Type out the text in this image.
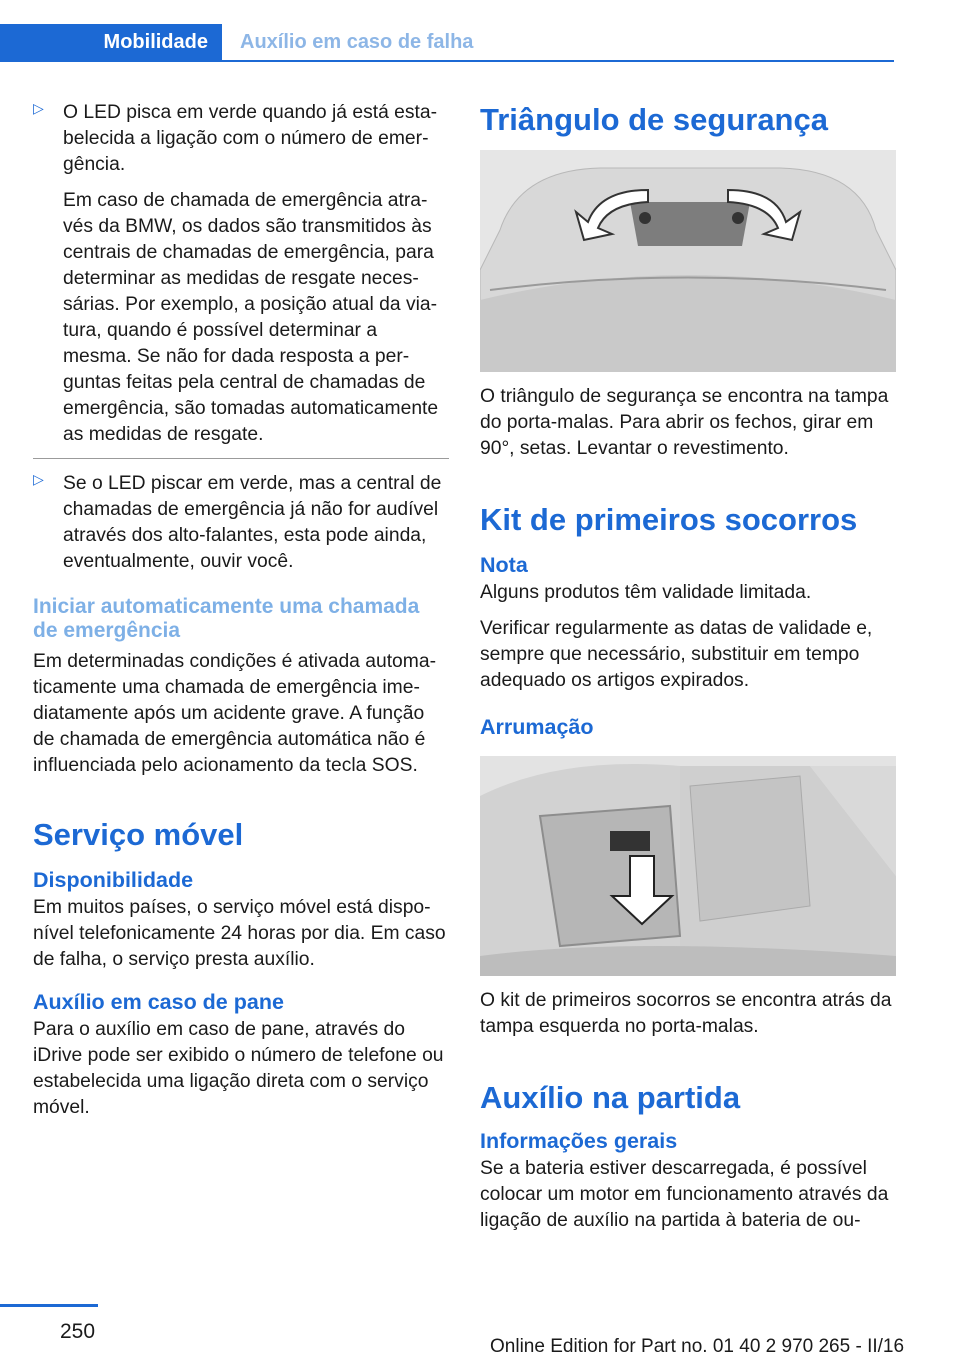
Mobilidade Auxílio em caso de falha
▷ O LED pisca em verde quando já está estabelecida a ligação com o número de emergência.

Em caso de chamada de emergência através da BMW, os dados são transmitidos às centrais de chamadas de emergência, para determinar as medidas de resgate necessárias. Por exemplo, a posição atual da viatura, quando é possível determinar a mesma. Se não for dada resposta a perguntas feitas pela central de chamadas de emergência, são tomadas automaticamente as medidas de resgate.

▷ Se o LED piscar em verde, mas a central de chamadas de emergência já não for audível através dos alto-falantes, esta pode ainda, eventualmente, ouvir você.

Iniciar automaticamente uma chamada de emergência

Em determinadas condições é ativada automaticamente uma chamada de emergência imediatamente após um acidente grave. A função de chamada de emergência automática não é influenciada pelo acionamento da tecla SOS.

Serviço móvel
Disponibilidade

Em muitos países, o serviço móvel está disponível telefonicamente 24 horas por dia. Em caso de falha, o serviço presta auxílio.

Auxílio em caso de pane

Para o auxílio em caso de pane, através do iDrive pode ser exibido o número de telefone ou estabelecida uma ligação direta com o serviço móvel.

Triângulo de segurança

O triângulo de segurança se encontra na tampa do porta-malas. Para abrir os fechos, girar em 90°, setas. Levantar o revestimento.

Kit de primeiros socorros
Nota

Alguns produtos têm validade limitada.

Verificar regularmente as datas de validade e, sempre que necessário, substituir em tempo adequado os artigos expirados.

Arrumação

O kit de primeiros socorros se encontra atrás da tampa esquerda no porta-malas.

Auxílio na partida
Informações gerais

Se a bateria estiver descarregada, é possível colocar um motor em funcionamento através da ligação de auxílio na partida à bateria de ou-

250
Online Edition for Part no. 01 40 2 970 265 - II/16
